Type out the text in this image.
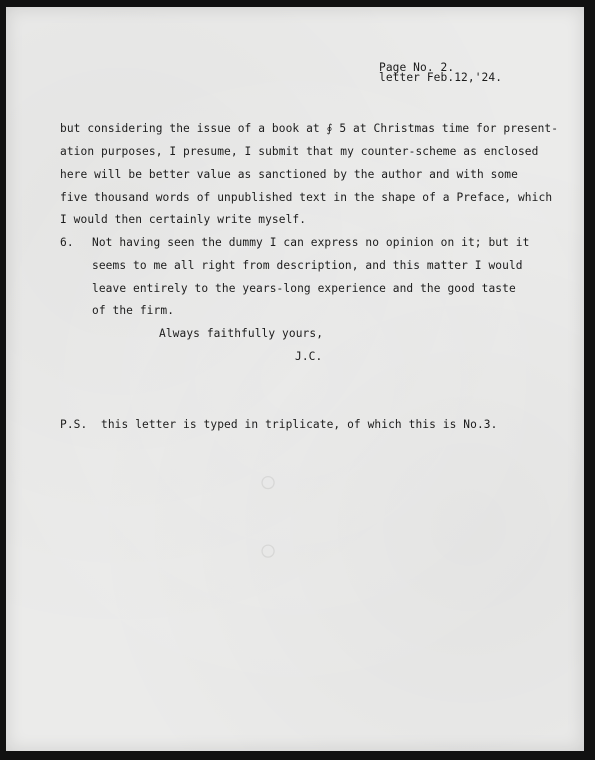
◦ ◦
Page No. 2.
letter Feb.12,'24.
but considering the issue of a book at ∮ 5 at Christmas time for present-
ation purposes, I presume, I submit that my counter-scheme as enclosed
here will be better value as sanctioned by the author and with some
five thousand words of unpublished text in the shape of a Preface, which
I would then certainly write myself.
6. Not having seen the dummy I can express no opinion on it; but it
seems to me all right from description, and this matter I would
leave entirely to the years-long experience and the good taste
of the firm.
Always faithfully yours,
J.C.
P.S.  this letter is typed in triplicate, of which this is No.3.
